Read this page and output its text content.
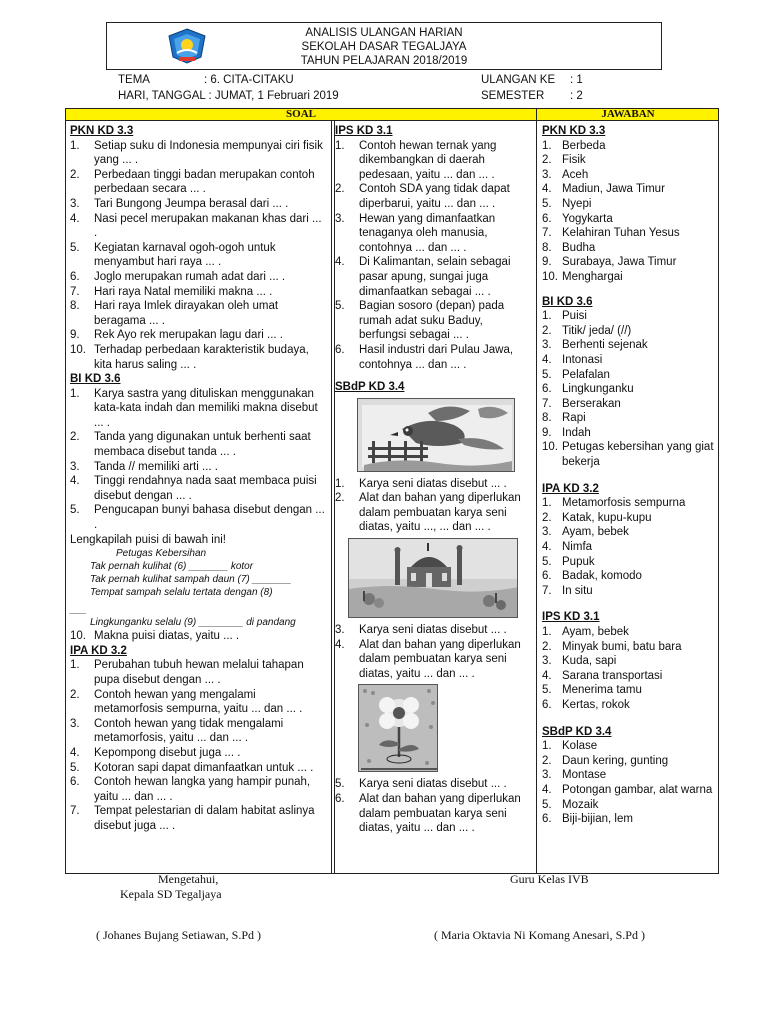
ANALISIS ULANGAN HARIAN
SEKOLAH DASAR TEGALJAYA
TAHUN PELAJARAN 2018/2019
TEMA	: 6. CITA-CITAKU
HARI, TANGGAL : JUMAT, 1 Februari 2019
ULANGAN KE : 1
SEMESTER : 2
SOAL	JAWABAN
PKN KD 3.3
1.	Setiap suku di Indonesia mempunyai ciri fisik yang ... .
2.	Perbedaan tinggi badan merupakan contoh perbedaan secara ... .
3.	Tari Bungong Jeumpa berasal dari ... .
4.	Nasi pecel merupakan makanan khas dari ... .
5.	Kegiatan karnaval ogoh-ogoh untuk menyambut hari raya ... .
6.	Joglo merupakan rumah adat dari ... .
7.	Hari raya Natal memiliki makna ... .
8.	Hari raya Imlek dirayakan oleh umat beragama ... .
9.	Rek Ayo rek merupakan lagu dari ... .
10. Terhadap perbedaan karakteristik budaya, kita harus saling ... .
BI KD 3.6
1.	Karya sastra yang dituliskan menggunakan kata-kata indah dan memiliki makna disebut ... .
2.	Tanda yang digunakan untuk berhenti saat membaca disebut tanda ... .
3.	Tanda // memiliki arti ... .
4.	Tinggi rendahnya nada saat membaca puisi disebut dengan ... .
5.	Pengucapan bunyi bahasa disebut dengan ... .
Lengkapilah puisi di bawah ini!
Petugas Kebersihan
Tak pernah kulihat (6) _______ kotor
Tak pernah kulihat sampah daun (7) _______
Tempat sampah selalu tertata dengan (8)
___
Lingkunganku selalu (9) ________ di pandang
10. Makna puisi diatas, yaitu ... .
IPA KD 3.2
1.	Perubahan tubuh hewan melalui tahapan pupa disebut dengan ... .
2.	Contoh hewan yang mengalami metamorfosis sempurna, yaitu ... dan ... .
3.	Contoh hewan yang tidak mengalami metamorfosis, yaitu ... dan ... .
4.	Kepompong disebut juga ... .
5.	Kotoran sapi dapat dimanfaatkan untuk ... .
6.	Contoh hewan langka yang hampir punah, yaitu ... dan ... .
7.	Tempat pelestarian di dalam habitat aslinya disebut juga ... .
IPS KD 3.1
1.	Contoh hewan ternak yang dikembangkan di daerah pedesaan, yaitu ... dan ... .
2.	Contoh SDA yang tidak dapat diperbarui, yaitu ... dan ... .
3.	Hewan yang dimanfaatkan tenaganya oleh manusia, contohnya ... dan ... .
4.	Di Kalimantan, selain sebagai pasar apung, sungai juga dimanfaatkan sebagai ... .
5.	Bagian sosoro (depan) pada rumah adat suku Baduy, berfungsi sebagai ... .
6.	Hasil industri dari Pulau Jawa, contohnya ... dan ... .
SBdP KD 3.4
1.	Karya seni diatas disebut ... .
2.	Alat dan bahan yang diperlukan dalam pembuatan karya seni diatas, yaitu ..., ... dan ... .
3.	Karya seni diatas disebut ... .
4.	Alat dan bahan yang diperlukan dalam pembuatan karya seni diatas, yaitu ... dan ... .
5.	Karya seni diatas disebut ... .
6.	Alat dan bahan yang diperlukan dalam pembuatan karya seni diatas, yaitu ... dan ... .
PKN KD 3.3
1. Berbeda
2. Fisik
3. Aceh
4. Madiun, Jawa Timur
5. Nyepi
6. Yogykarta
7. Kelahiran Tuhan Yesus
8. Budha
9. Surabaya, Jawa Timur
10. Menghargai
BI KD 3.6
1. Puisi
2. Titik/ jeda/ (//)
3. Berhenti sejenak
4. Intonasi
5. Pelafalan
6. Lingkunganku
7. Berserakan
8. Rapi
9. Indah
10. Petugas kebersihan yang giat bekerja
IPA KD 3.2
1. Metamorfosis sempurna
2. Katak, kupu-kupu
3. Ayam, bebek
4. Nimfa
5. Pupuk
6. Badak, komodo
7. In situ
IPS KD 3.1
1. Ayam, bebek
2. Minyak bumi, batu bara
3. Kuda, sapi
4. Sarana transportasi
5. Menerima tamu
6. Kertas, rokok
SBdP KD 3.4
1. Kolase
2. Daun kering, gunting
3. Montase
4. Potongan gambar, alat warna
5. Mozaik
6. Biji-bijian, lem
Mengetahui,
Kepala SD Tegaljaya
Guru Kelas IVB
( Johanes Bujang Setiawan, S.Pd )	( Maria Oktavia Ni Komang Anesari, S.Pd )
